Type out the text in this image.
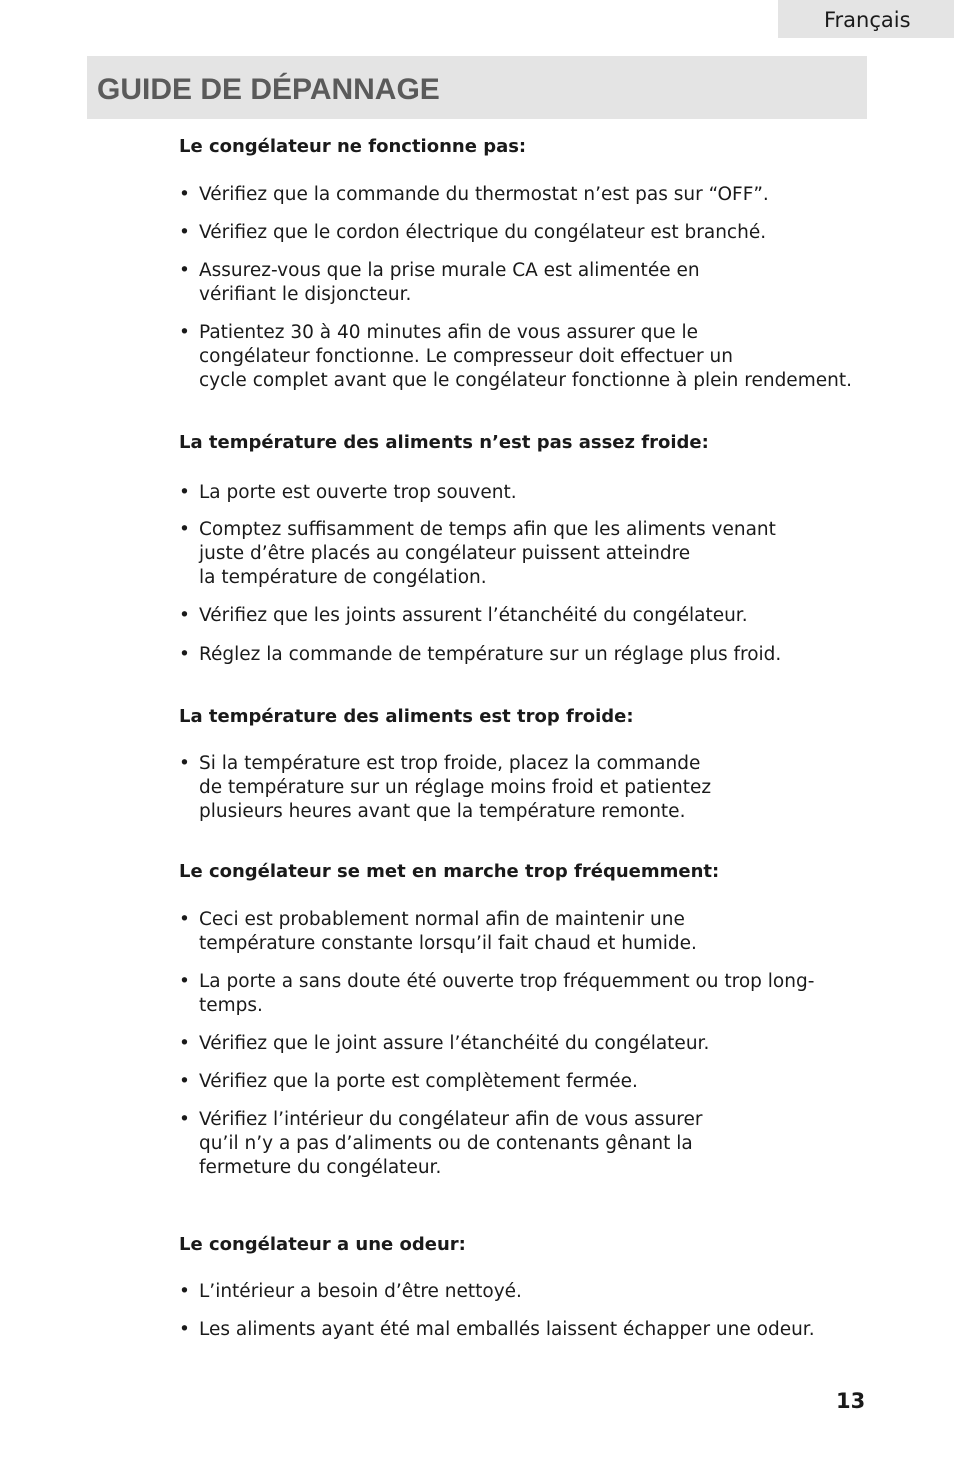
Français
GUIDE DE DÉPANNAGE
Le congélateur ne fonctionne pas:
• Vérifiez que la commande du thermostat n’est pas sur “OFF”.
• Vérifiez que le cordon électrique du congélateur est branché.
• Assurez-vous que la prise murale CA est alimentée en
vérifiant le disjoncteur.
• Patientez 30 à 40 minutes afin de vous assurer que le
congélateur fonctionne. Le compresseur doit effectuer un
cycle complet avant que le congélateur fonctionne à plein rendement.
La température des aliments n’est pas assez froide:
• La porte est ouverte trop souvent.
• Comptez suffisamment de temps afin que les aliments venant
juste d’être placés au congélateur puissent atteindre
la température de congélation.
• Vérifiez que les joints assurent l’étanchéité du congélateur.
• Réglez la commande de température sur un réglage plus froid.
La température des aliments est trop froide:
• Si la température est trop froide, placez la commande
de température sur un réglage moins froid et patientez
plusieurs heures avant que la température remonte.
Le congélateur se met en marche trop fréquemment:
• Ceci est probablement normal afin de maintenir une
température constante lorsqu’il fait chaud et humide.
• La porte a sans doute été ouverte trop fréquemment ou trop long-
temps.
• Vérifiez que le joint assure l’étanchéité du congélateur.
• Vérifiez que la porte est complètement fermée.
• Vérifiez l’intérieur du congélateur afin de vous assurer
qu’il n’y a pas d’aliments ou de contenants gênant la
fermeture du congélateur.
Le congélateur a une odeur:
• L’intérieur a besoin d’être nettoyé.
• Les aliments ayant été mal emballés laissent échapper une odeur.
13
